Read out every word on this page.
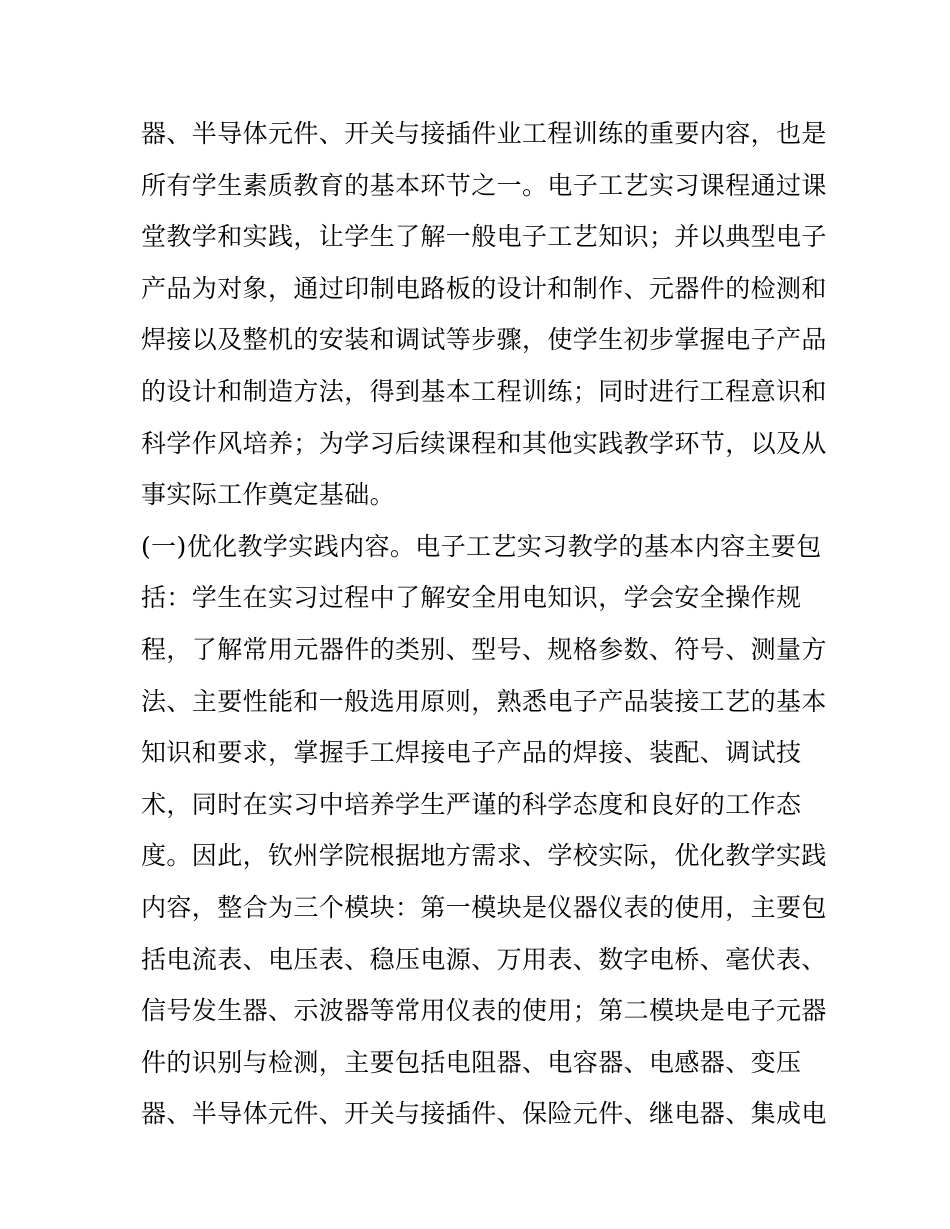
器、半导体元件、开关与接插件业工程训练的重要内容，也是
所有学生素质教育的基本环节之一。电子工艺实习课程通过课
堂教学和实践，让学生了解一般电子工艺知识；并以典型电子
产品为对象，通过印制电路板的设计和制作、元器件的检测和
焊接以及整机的安装和调试等步骤，使学生初步掌握电子产品
的设计和制造方法，得到基本工程训练；同时进行工程意识和
科学作风培养；为学习后续课程和其他实践教学环节，以及从
事实际工作奠定基础。
(一)优化教学实践内容。电子工艺实习教学的基本内容主要包
括：学生在实习过程中了解安全用电知识，学会安全操作规
程，了解常用元器件的类别、型号、规格参数、符号、测量方
法、主要性能和一般选用原则，熟悉电子产品装接工艺的基本
知识和要求，掌握手工焊接电子产品的焊接、装配、调试技
术，同时在实习中培养学生严谨的科学态度和良好的工作态
度。因此，钦州学院根据地方需求、学校实际，优化教学实践
内容，整合为三个模块：第一模块是仪器仪表的使用，主要包
括电流表、电压表、稳压电源、万用表、数字电桥、毫伏表、
信号发生器、示波器等常用仪表的使用；第二模块是电子元器
件的识别与检测，主要包括电阻器、电容器、电感器、变压
器、半导体元件、开关与接插件、保险元件、继电器、集成电
